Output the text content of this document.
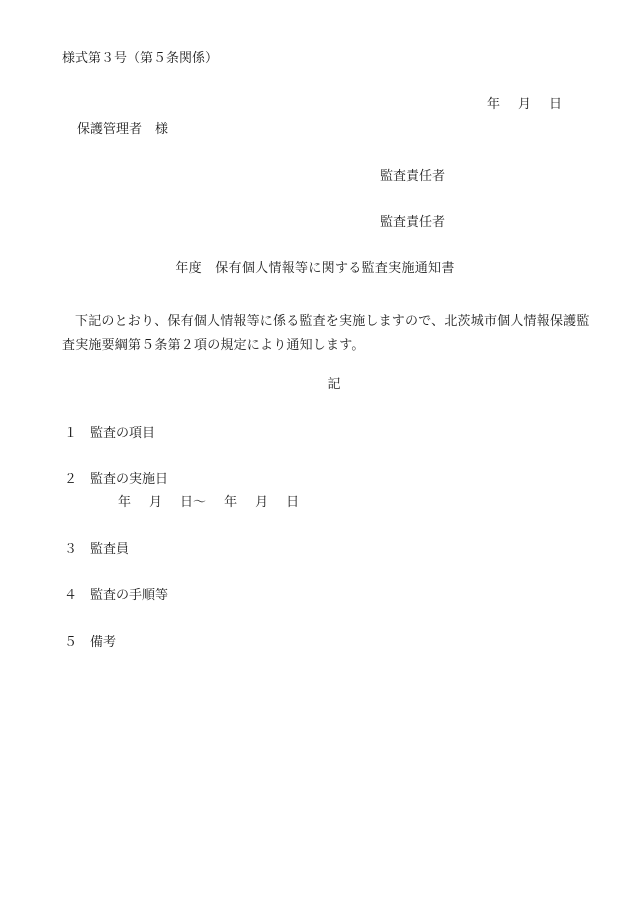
様式第３号（第５条関係）
年 月 日
保護管理者　様
監査責任者
監査責任者
年度　保有個人情報等に関する監査実施通知書
下記のとおり、保有個人情報等に係る監査を実施しますので、北茨城市個人情報保護監査実施要綱第５条第２項の規定により通知します。
記
１ 監査の項目
２ 監査の実施日
年 月 日～ 年 月 日
３ 監査員
４ 監査の手順等
５ 備考
